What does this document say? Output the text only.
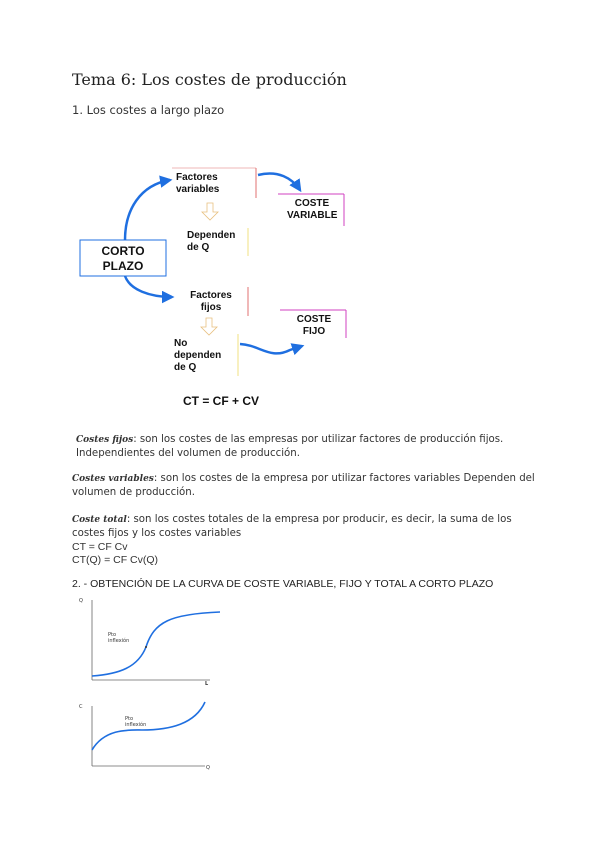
Tema 6: Los costes de producción
1. Los costes a largo plazo
CORTO
PLAZO
Factores
variables
COSTE
VARIABLE
Dependen
de Q
Factores
fijos
COSTE
FIJO
No
dependen
de Q
CT = CF + CV
Costes fijos: son los costes de las empresas por utilizar factores de producción fijos. Independientes del volumen de producción.
Costes variables: son los costes de la empresa por utilizar factores variables Dependen del volumen de producción.
Coste total: son los costes totales de la empresa por producir, es decir, la suma de los costes fijos y los costes variables
CT = CF Cv
CT(Q) = CF Cv(Q)
2. - OBTENCIÓN DE LA CURVA DE COSTE VARIABLE, FIJO Y TOTAL A CORTO PLAZO
Q
L
Pto
inflexión
C
Q
Pto
inflexión
